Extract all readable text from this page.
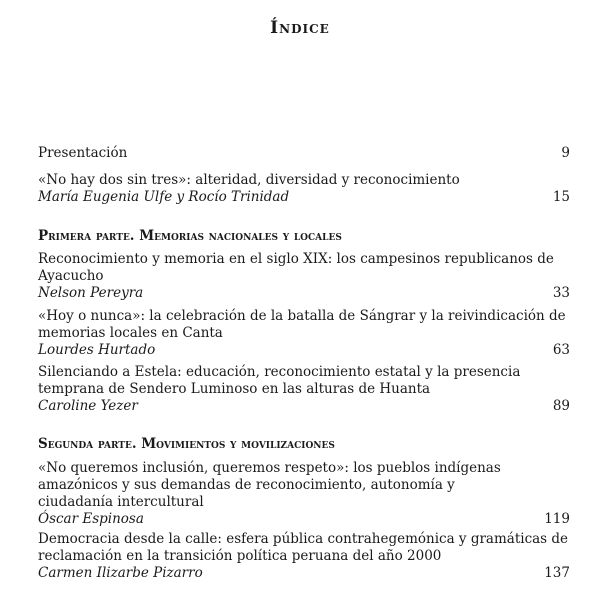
Índice
Presentación	9
«No hay dos sin tres»: alteridad, diversidad y reconocimiento
María Eugenia Ulfe y Rocío Trinidad	15
Primera parte. Memorias nacionales y locales
Reconocimiento y memoria en el siglo XIX: los campesinos republicanos de Ayacucho
Nelson Pereyra	33
«Hoy o nunca»: la celebración de la batalla de Sángrar y la reivindicación de memorias locales en Canta
Lourdes Hurtado	63
Silenciando a Estela: educación, reconocimiento estatal y la presencia temprana de Sendero Luminoso en las alturas de Huanta
Caroline Yezer	89
Segunda parte. Movimientos y movilizaciones
«No queremos inclusión, queremos respeto»: los pueblos indígenas amazónicos y sus demandas de reconocimiento, autonomía y ciudadanía intercultural
Óscar Espinosa	119
Democracia desde la calle: esfera pública contrahegemónica y gramáticas de reclamación en la transición política peruana del año 2000
Carmen Ilizarbe Pizarro	137
